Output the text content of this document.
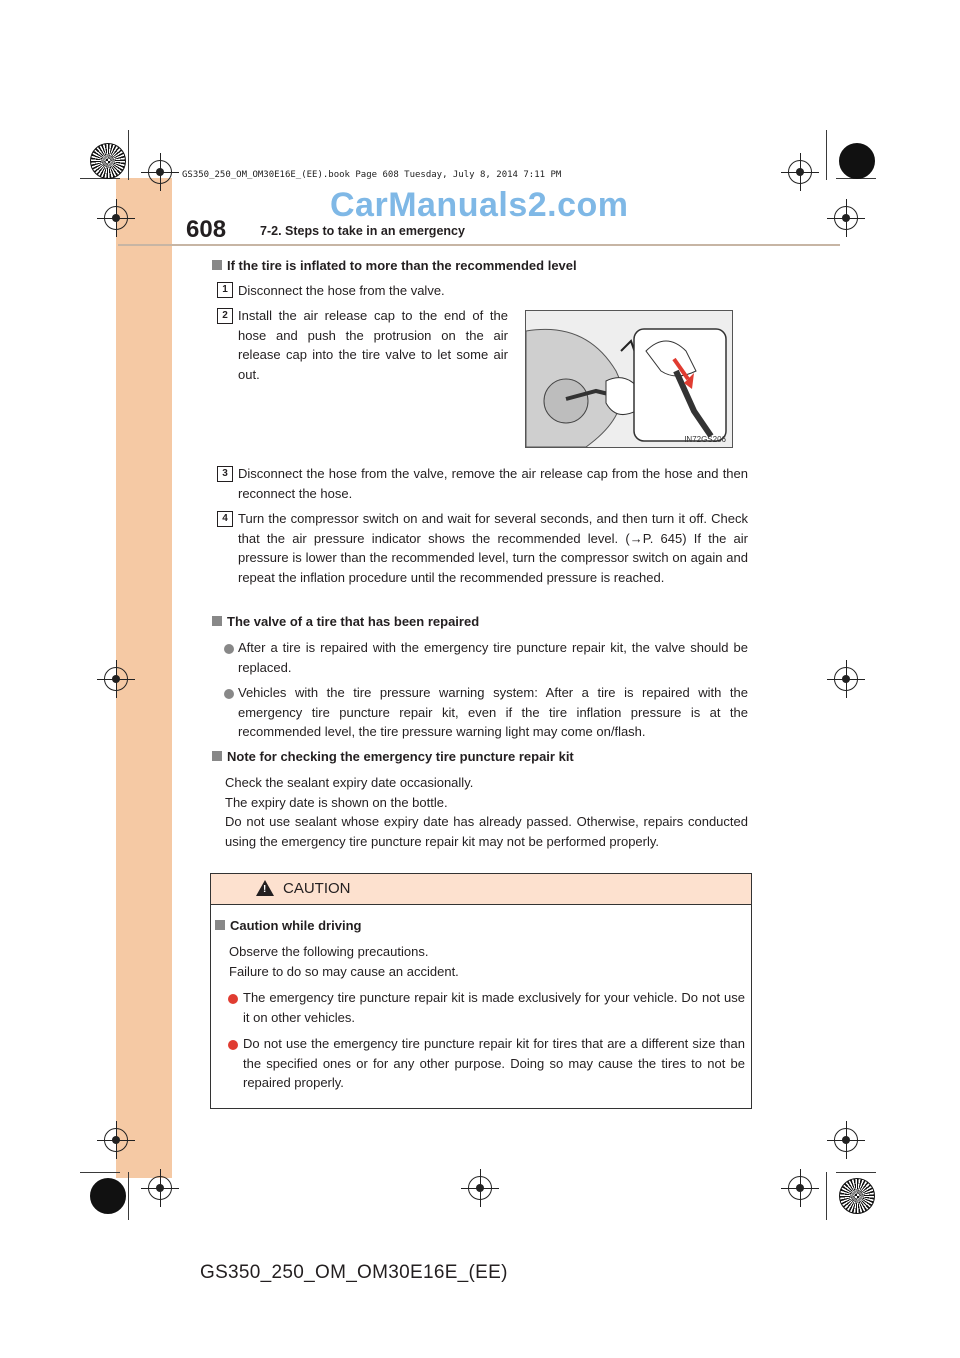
GS350_250_OM_OM30E16E_(EE).book Page 608 Tuesday, July 8, 2014 7:11 PM
CarManuals2.com
608	7-2. Steps to take in an emergency
If the tire is inflated to more than the recommended level
1 Disconnect the hose from the valve.
2 Install the air release cap to the end of the hose and push the protrusion on the air release cap into the tire valve to let some air out.
IN72GS206
3 Disconnect the hose from the valve, remove the air release cap from the hose and then reconnect the hose.
4 Turn the compressor switch on and wait for several seconds, and then turn it off. Check that the air pressure indicator shows the recommended level. (→P. 645) If the air pressure is lower than the recommended level, turn the compressor switch on again and repeat the inflation procedure until the recommended pressure is reached.
The valve of a tire that has been repaired
After a tire is repaired with the emergency tire puncture repair kit, the valve should be replaced.
Vehicles with the tire pressure warning system: After a tire is repaired with the emergency tire puncture repair kit, even if the tire inflation pressure is at the recommended level, the tire pressure warning light may come on/flash.
Note for checking the emergency tire puncture repair kit
Check the sealant expiry date occasionally.
The expiry date is shown on the bottle.
Do not use sealant whose expiry date has already passed. Otherwise, repairs conducted using the emergency tire puncture repair kit may not be performed properly.
! CAUTION
Caution while driving
Observe the following precautions.
Failure to do so may cause an accident.
The emergency tire puncture repair kit is made exclusively for your vehicle. Do not use it on other vehicles.
Do not use the emergency tire puncture repair kit for tires that are a different size than the specified ones or for any other purpose. Doing so may cause the tires to not be repaired properly.
GS350_250_OM_OM30E16E_(EE)
